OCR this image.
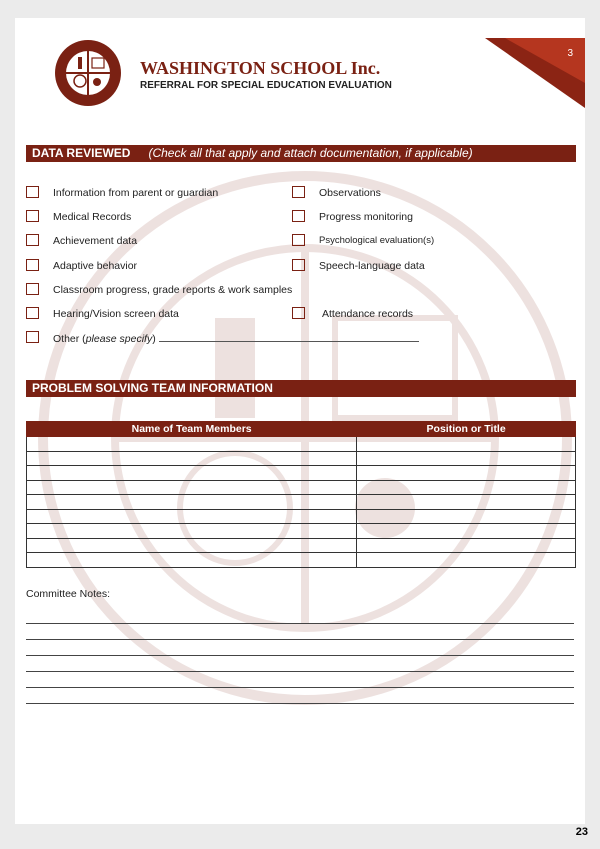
3
WASHINGTON SCHOOL Inc.
REFERRAL FOR SPECIAL EDUCATION EVALUATION
DATA REVIEWED (Check all that apply and attach documentation, if applicable)
Information from parent or guardian
Medical Records
Achievement data
Adaptive behavior
Classroom progress, grade reports & work samples
Hearing/Vision screen data
Other (please specify)
Observations
Progress monitoring
Psychological evaluation(s)
Speech-language data
Attendance records
PROBLEM SOLVING TEAM INFORMATION
Name of Team Members	Position or Title

Committee Notes:
23
